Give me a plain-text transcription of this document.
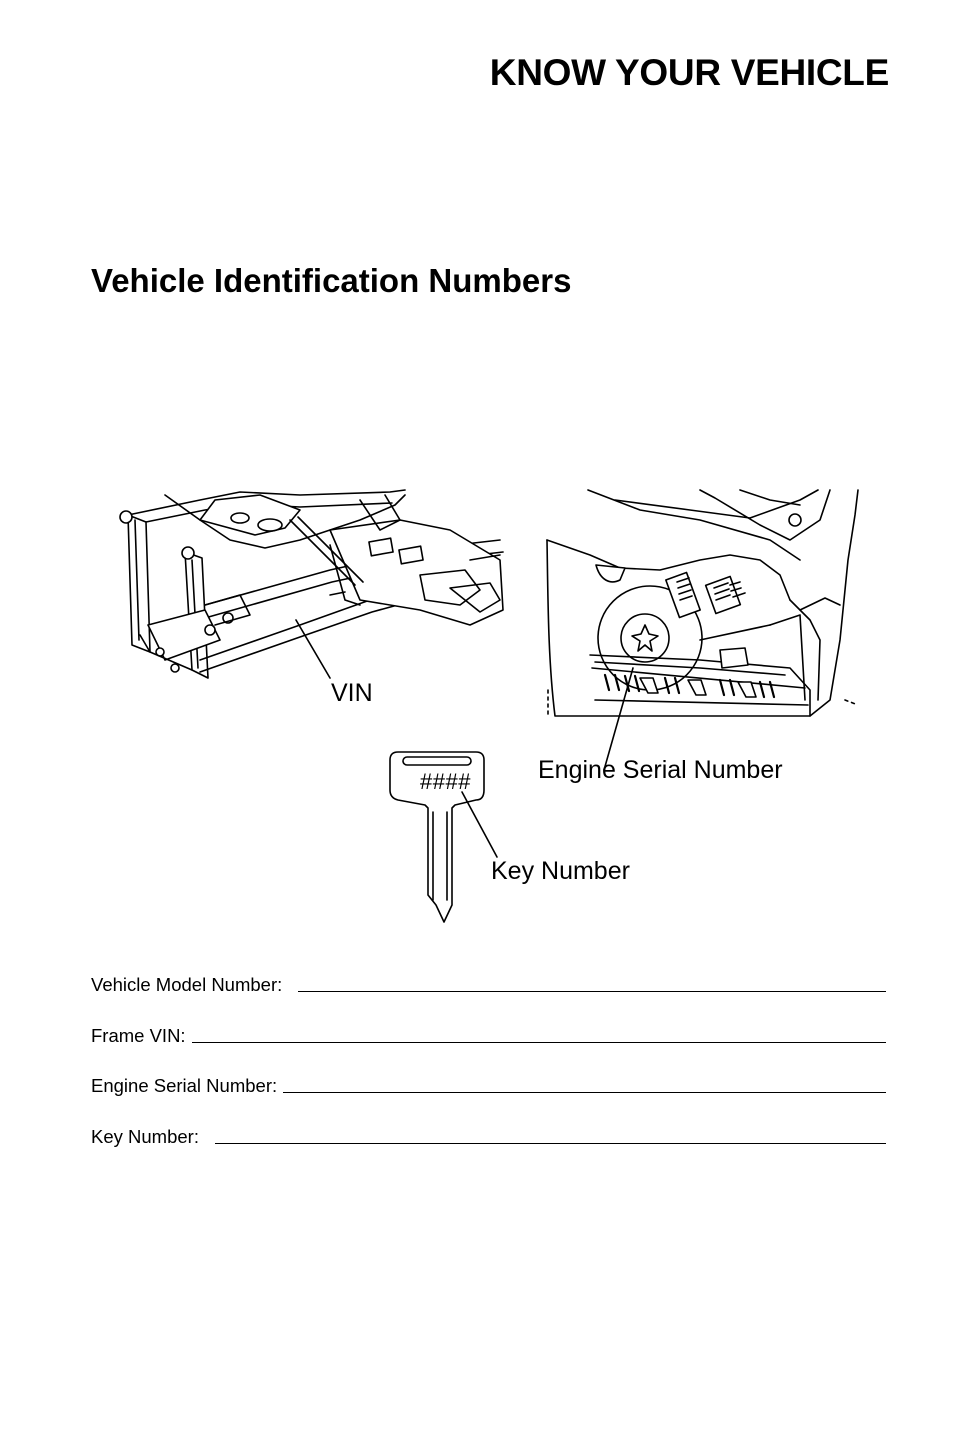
KNOW YOUR VEHICLE
Vehicle Identification Numbers
VIN
Engine Serial Number
Key Number
####
Vehicle Model Number:
Frame VIN:
Engine Serial Number:
Key Number:
